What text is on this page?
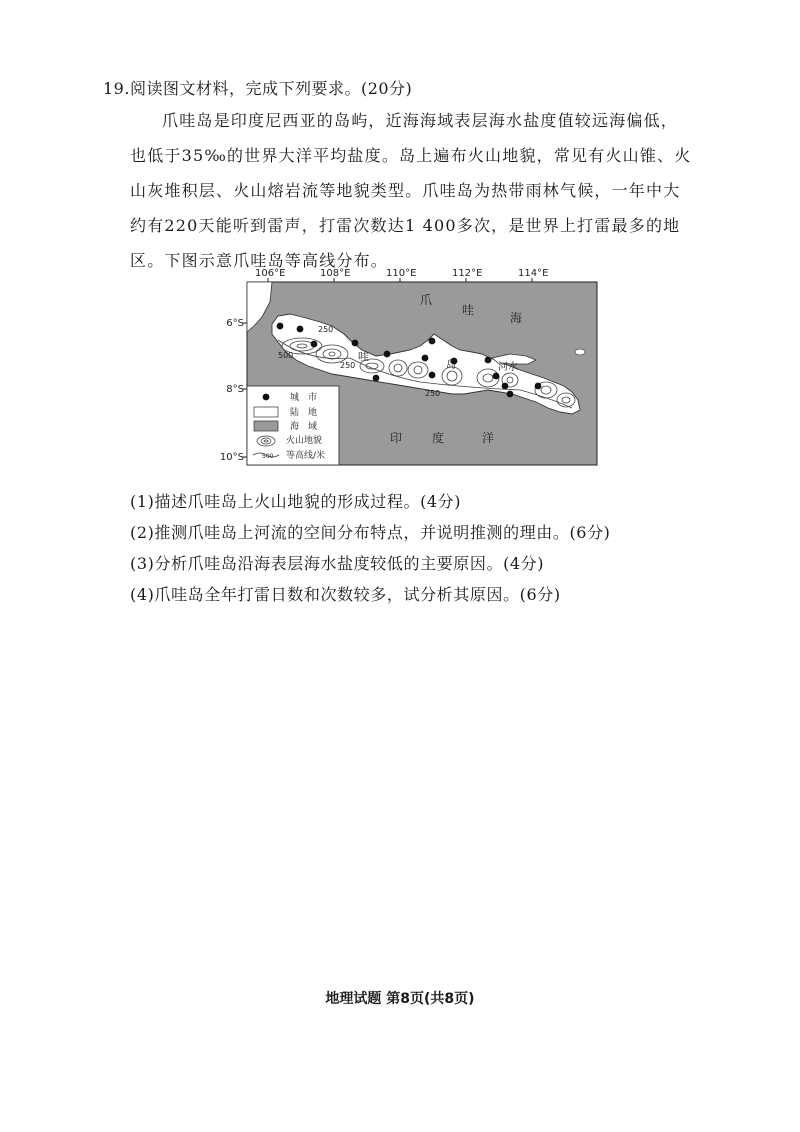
19.阅读图文材料，完成下列要求。(20分)
爪哇岛是印度尼西亚的岛屿，近海海域表层海水盐度值较远海偏低，
也低于35‰的世界大洋平均盐度。岛上遍布火山地貌，常见有火山锥、火
山灰堆积层、火山熔岩流等地貌类型。爪哇岛为热带雨林气候，一年中大
约有220天能听到雷声，打雷次数达1 400多次，是世界上打雷最多的地
区。下图示意爪哇岛等高线分布。
106°E	108°E	110°E	112°E	114°E
6°S
8°S
10°S
爪
哇
海
印 度	洋
哇
岛	河水
500
250
250
250
500
城　市
陆　地
海　域
火山地貌
等高线/米
(1)描述爪哇岛上火山地貌的形成过程。(4分)
(2)推测爪哇岛上河流的空间分布特点，并说明推测的理由。(6分)
(3)分析爪哇岛沿海表层海水盐度较低的主要原因。(4分)
(4)爪哇岛全年打雷日数和次数较多，试分析其原因。(6分)
地理试题 第8页(共8页)
